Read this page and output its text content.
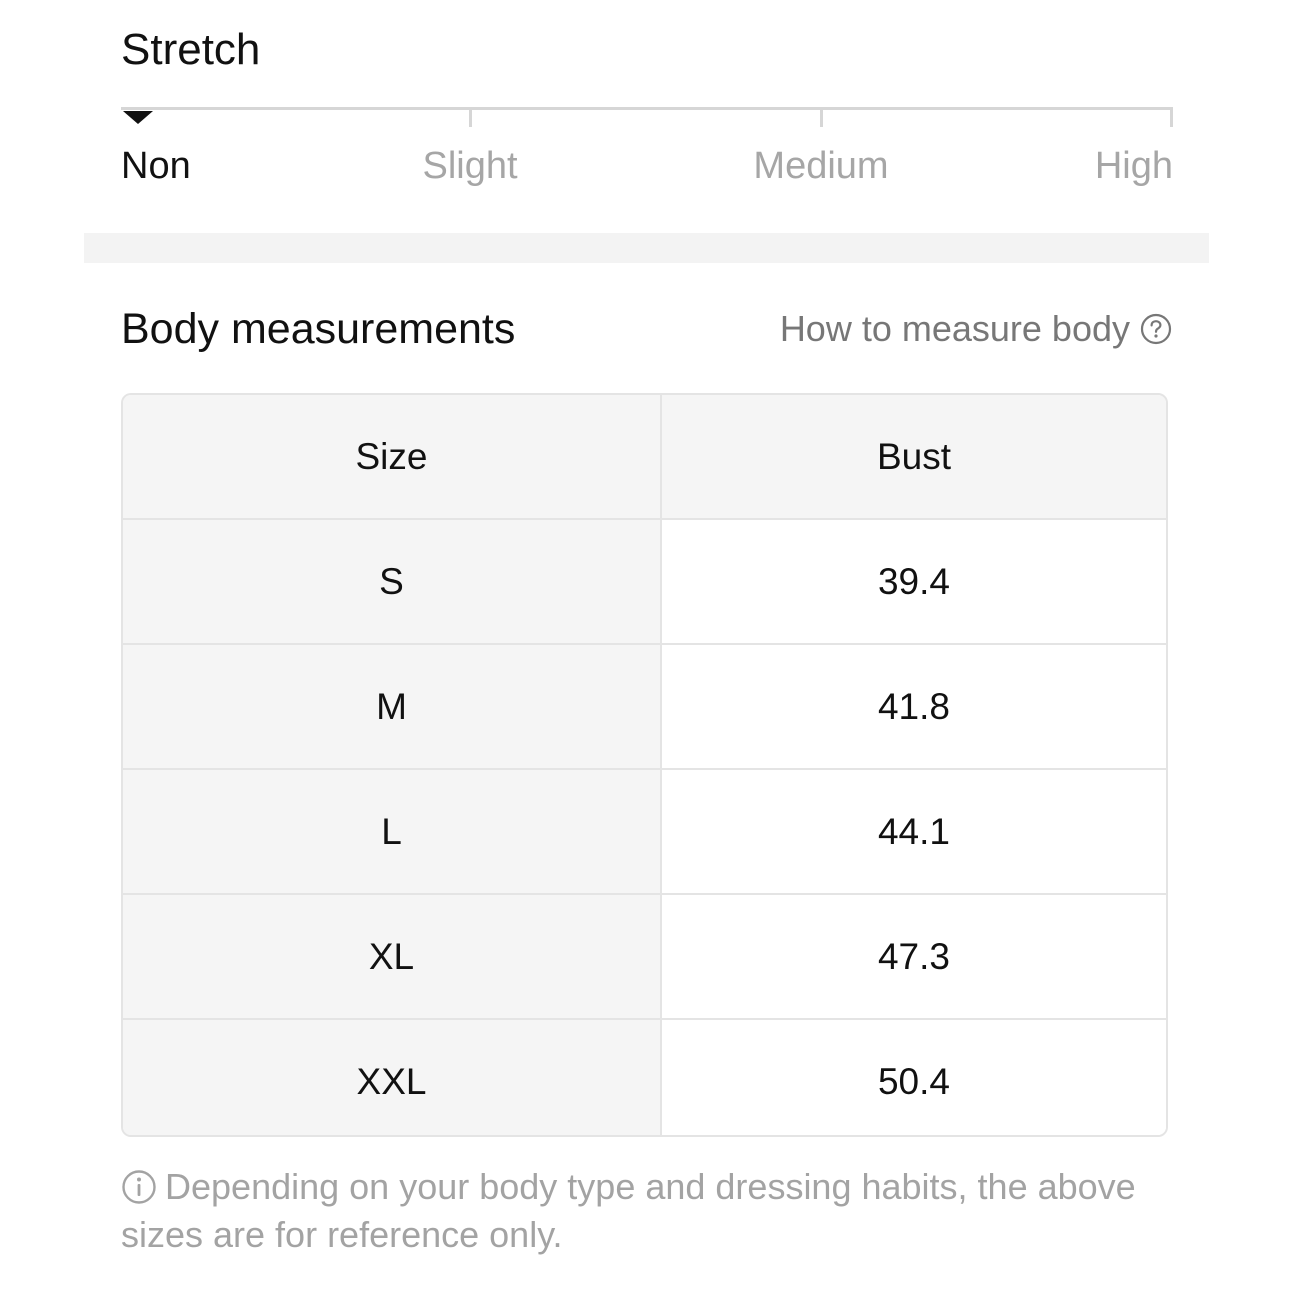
Stretch
Non	Slight	Medium	High
Body measurements	How to measure body
Size	Bust
S	39.4
M	41.8
L	44.1
XL	47.3
XXL	50.4

Depending on your body type and dressing habits, the above sizes are for reference only.
